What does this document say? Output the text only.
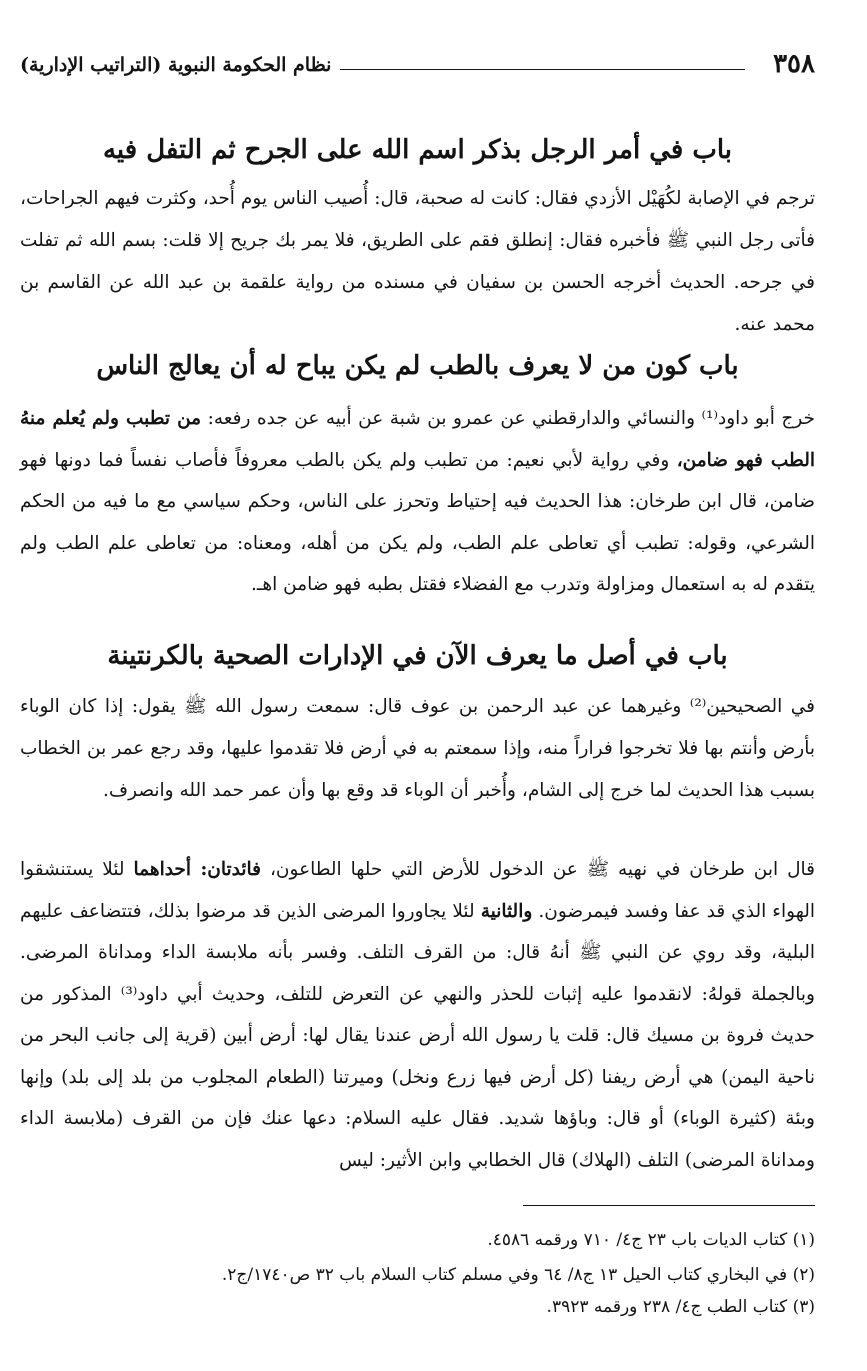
٣٥٨
نظام الحكومة النبوية (التراتيب الإدارية)
باب في أمر الرجل بذكر اسم الله على الجرح ثم التفل فيه

ترجم في الإصابة لكُهَيْل الأزدي فقال: كانت له صحبة، قال: أُصيب الناس يوم أُحد، وكثرت فيهم الجراحات، فأتى رجل النبي ﷺ فأخبره فقال: إنطلق فقم على الطريق، فلا يمر بك جريح إلا قلت: بسم الله ثم تفلت في جرحه. الحديث أخرجه الحسن بن سفيان في مسنده من رواية علقمة بن عبد الله عن القاسم بن محمد عنه.

باب كون من لا يعرف بالطب لم يكن يباح له أن يعالج الناس

خرج أبو داود⁽¹⁾ والنسائي والدارقطني عن عمرو بن شبة عن أبيه عن جده رفعه: من تطبب ولم يُعلم منهُ الطب فهو ضامن، وفي رواية لأبي نعيم: من تطبب ولم يكن بالطب معروفاً فأصاب نفساً فما دونها فهو ضامن، قال ابن طرخان: هذا الحديث فيه إحتياط وتحرز على الناس، وحكم سياسي مع ما فيه من الحكم الشرعي، وقوله: تطبب أي تعاطى علم الطب، ولم يكن من أهله، ومعناه: من تعاطى علم الطب ولم يتقدم له به استعمال ومزاولة وتدرب مع الفضلاء فقتل بطبه فهو ضامن اهـ.

باب في أصل ما يعرف الآن في الإدارات الصحية بالكرنتينة

في الصحيحين⁽²⁾ وغيرهما عن عبد الرحمن بن عوف قال: سمعت رسول الله ﷺ يقول: إذا كان الوباء بأرض وأنتم بها فلا تخرجوا فراراً منه، وإذا سمعتم به في أرض فلا تقدموا عليها، وقد رجع عمر بن الخطاب بسبب هذا الحديث لما خرج إلى الشام، وأُخبر أن الوباء قد وقع بها وأن عمر حمد الله وانصرف.

قال ابن طرخان في نهيه ﷺ عن الدخول للأرض التي حلها الطاعون، فائدتان: أحداهما لئلا يستنشقوا الهواء الذي قد عفا وفسد فيمرضون. والثانية لئلا يجاوروا المرضى الذين قد مرضوا بذلك، فتتضاعف عليهم البلية، وقد روي عن النبي ﷺ أنهُ قال: من القرف التلف. وفسر بأنه ملابسة الداء ومداناة المرضى. وبالجملة قولهُ: لانقدموا عليه إثبات للحذر والنهي عن التعرض للتلف، وحديث أبي داود⁽³⁾ المذكور من حديث فروة بن مسيك قال: قلت يا رسول الله أرض عندنا يقال لها: أرض أبين (قرية إلى جانب البحر من ناحية اليمن) هي أرض ريفنا (كل أرض فيها زرع ونخل) وميرتنا (الطعام المجلوب من بلد إلى بلد) وإنها وبئة (كثيرة الوباء) أو قال: وباؤها شديد. فقال عليه السلام: دعها عنك فإن من القرف (ملابسة الداء ومداناة المرضى) التلف (الهلاك) قال الخطابي وابن الأثير: ليس

(١) كتاب الديات باب ٢٣ ج٤/ ٧١٠ ورقمه ٤٥٨٦.

(٢) في البخاري كتاب الحيل ١٣ ج٨/ ٦٤ وفي مسلم كتاب السلام باب ٣٢ ص١٧٤٠/ج٢.

(٣) كتاب الطب ج٤/ ٢٣٨ ورقمه ٣٩٢٣.
